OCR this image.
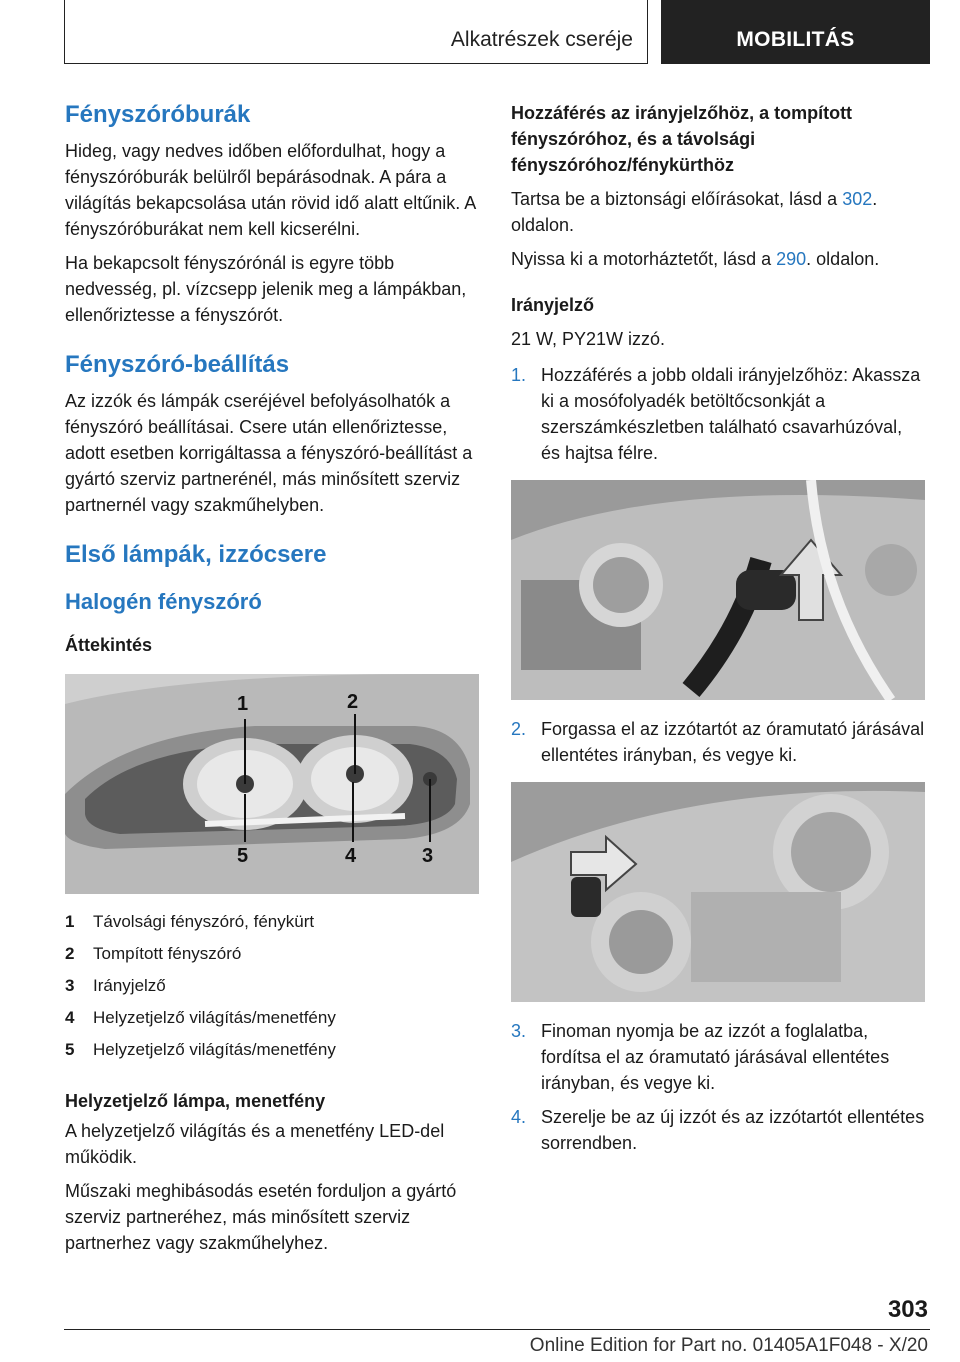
Alkatrészek cseréje	MOBILITÁS
Fényszóróburák

Hideg, vagy nedves időben előfordulhat, hogy a fényszóróburák belülről bepárásodnak. A pára a világítás bekapcsolása után rövid idő alatt eltűnik. A fényszóróburákat nem kell kicserélni.

Ha bekapcsolt fényszórónál is egyre több nedvesség, pl. vízcsepp jelenik meg a lámpákban, ellenőriztesse a fényszórót.

Fényszóró-beállítás

Az izzók és lámpák cseréjével befolyásolhatók a fényszóró beállításai. Csere után ellenőriztesse, adott esetben korrigáltassa a fényszóró-beállítást a gyártó szerviz partnerénél, más minősített szerviz partnernél vagy szakműhelyben.

Első lámpák, izzócsere
Halogén fényszóró
Áttekintés
1	2
3
4
5
1	Távolsági fényszóró, fénykürt
2	Tompított fényszóró
3	Irányjelző
4	Helyzetjelző világítás/menetfény
5	Helyzetjelző világítás/menetfény
Helyzetjelző lámpa, menetfény

A helyzetjelző világítás és a menetfény LED-del működik.

Műszaki meghibásodás esetén forduljon a gyártó szerviz partneréhez, más minősített szerviz partnerhez vagy szakműhelyhez.

Hozzáférés az irányjelzőhöz, a tompított fényszóróhoz, és a távolsági fényszóróhoz/fénykürthöz

Tartsa be a biztonsági előírásokat, lásd a 302. oldalon.

Nyissa ki a motorháztetőt, lásd a 290. oldalon.

Irányjelző

21 W, PY21W izzó.

1. Hozzáférés a jobb oldali irányjelzőhöz: Akassza ki a mosófolyadék betöltőcsonkját a szerszámkészletben található csavarhúzóval, és hajtsa félre.
2. Forgassa el az izzótartót az óramutató járásával ellentétes irányban, és vegye ki.
3. Finoman nyomja be az izzót a foglalatba, fordítsa el az óramutató járásával ellentétes irányban, és vegye ki.
4. Szerelje be az új izzót és az izzótartót ellentétes sorrendben.
303
Online Edition for Part no. 01405A1F048 - X/20
